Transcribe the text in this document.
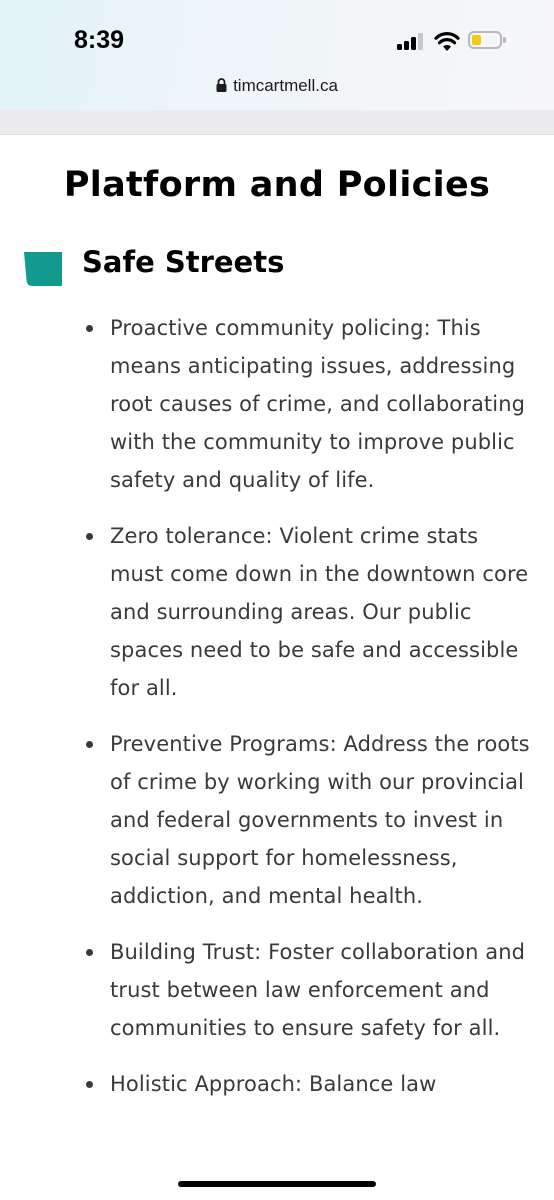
8:39
timcartmell.ca
Platform and Policies
Safe Streets
Proactive community policing: This means anticipating issues, addressing root causes of crime, and collaborating with the community to improve public safety and quality of life.
Zero tolerance: Violent crime stats must come down in the downtown core and surrounding areas. Our public spaces need to be safe and accessible for all.
Preventive Programs: Address the roots of crime by working with our provincial and federal governments to invest in social support for homelessness, addiction, and mental health.
Building Trust: Foster collaboration and trust between law enforcement and communities to ensure safety for all.
Holistic Approach: Balance law
